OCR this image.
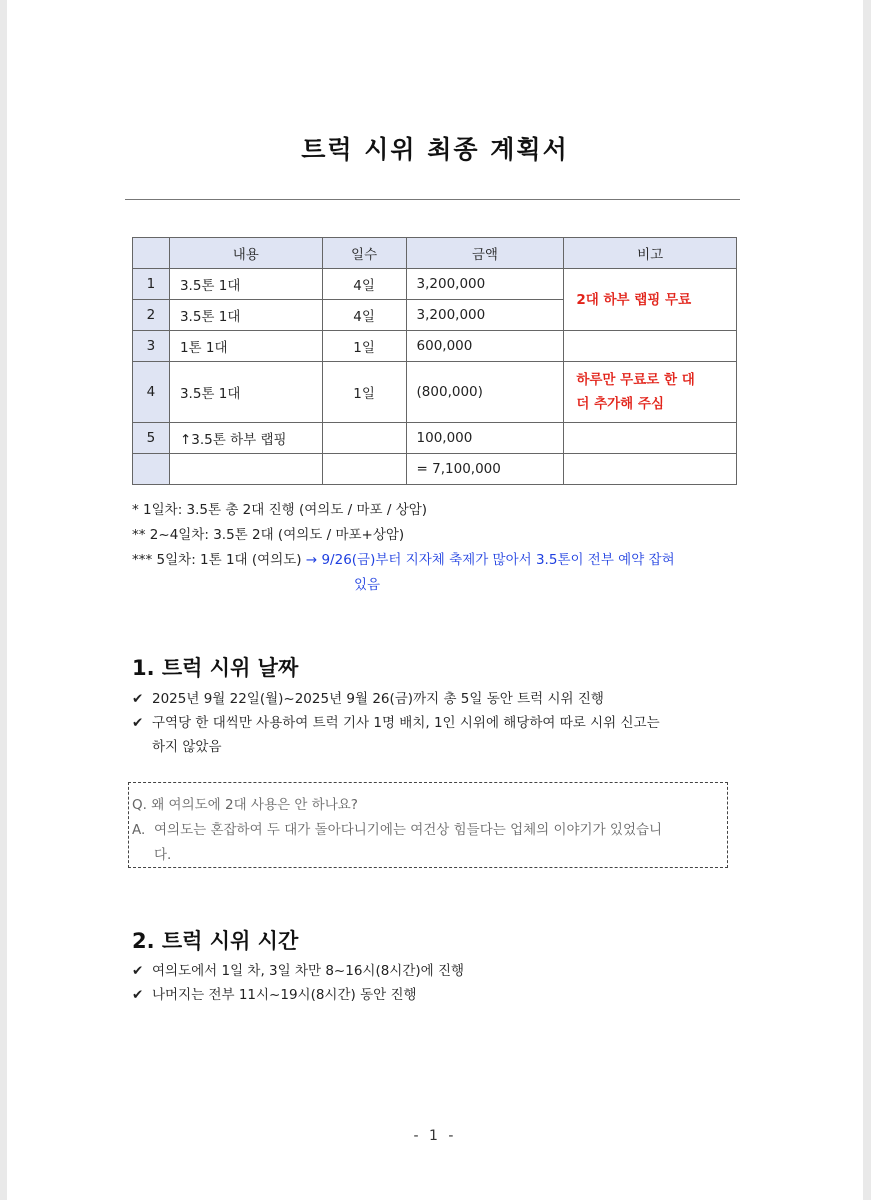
트럭 시위 최종 계획서
	내용	일수	금액	비고
1	3.5톤 1대	4일	3,200,000	2대 하부 랩핑 무료
2	3.5톤 1대	4일	3,200,000	
3	1톤 1대	1일	600,000	
4	3.5톤 1대	1일	(800,000)	하루만 무료로 한 대
더 추가해 주심

5	↑3.5톤 하부 랩핑		100,000	
			= 7,100,000	
* 1일차: 3.5톤 총 2대 진행 (여의도 / 마포 / 상암)
** 2~4일차: 3.5톤 2대 (여의도 / 마포+상암)
*** 5일차: 1톤 1대 (여의도) → 9/26(금)부터 지자체 축제가 많아서 3.5톤이 전부 예약 잡혀
있음
1. 트럭 시위 날짜
✔ 2025년 9월 22일(월)~2025년 9월 26(금)까지 총 5일 동안 트럭 시위 진행
✔ 구역당 한 대씩만 사용하여 트럭 기사 1명 배치, 1인 시위에 해당하여 따로 시위 신고는
하지 않았음
Q. 왜 여의도에 2대 사용은 안 하나요?
A. 여의도는 혼잡하여 두 대가 돌아다니기에는 여건상 힘들다는 업체의 이야기가 있었습니
다.
2. 트럭 시위 시간
✔ 여의도에서 1일 차, 3일 차만 8~16시(8시간)에 진행
✔ 나머지는 전부 11시~19시(8시간) 동안 진행
- 1 -
